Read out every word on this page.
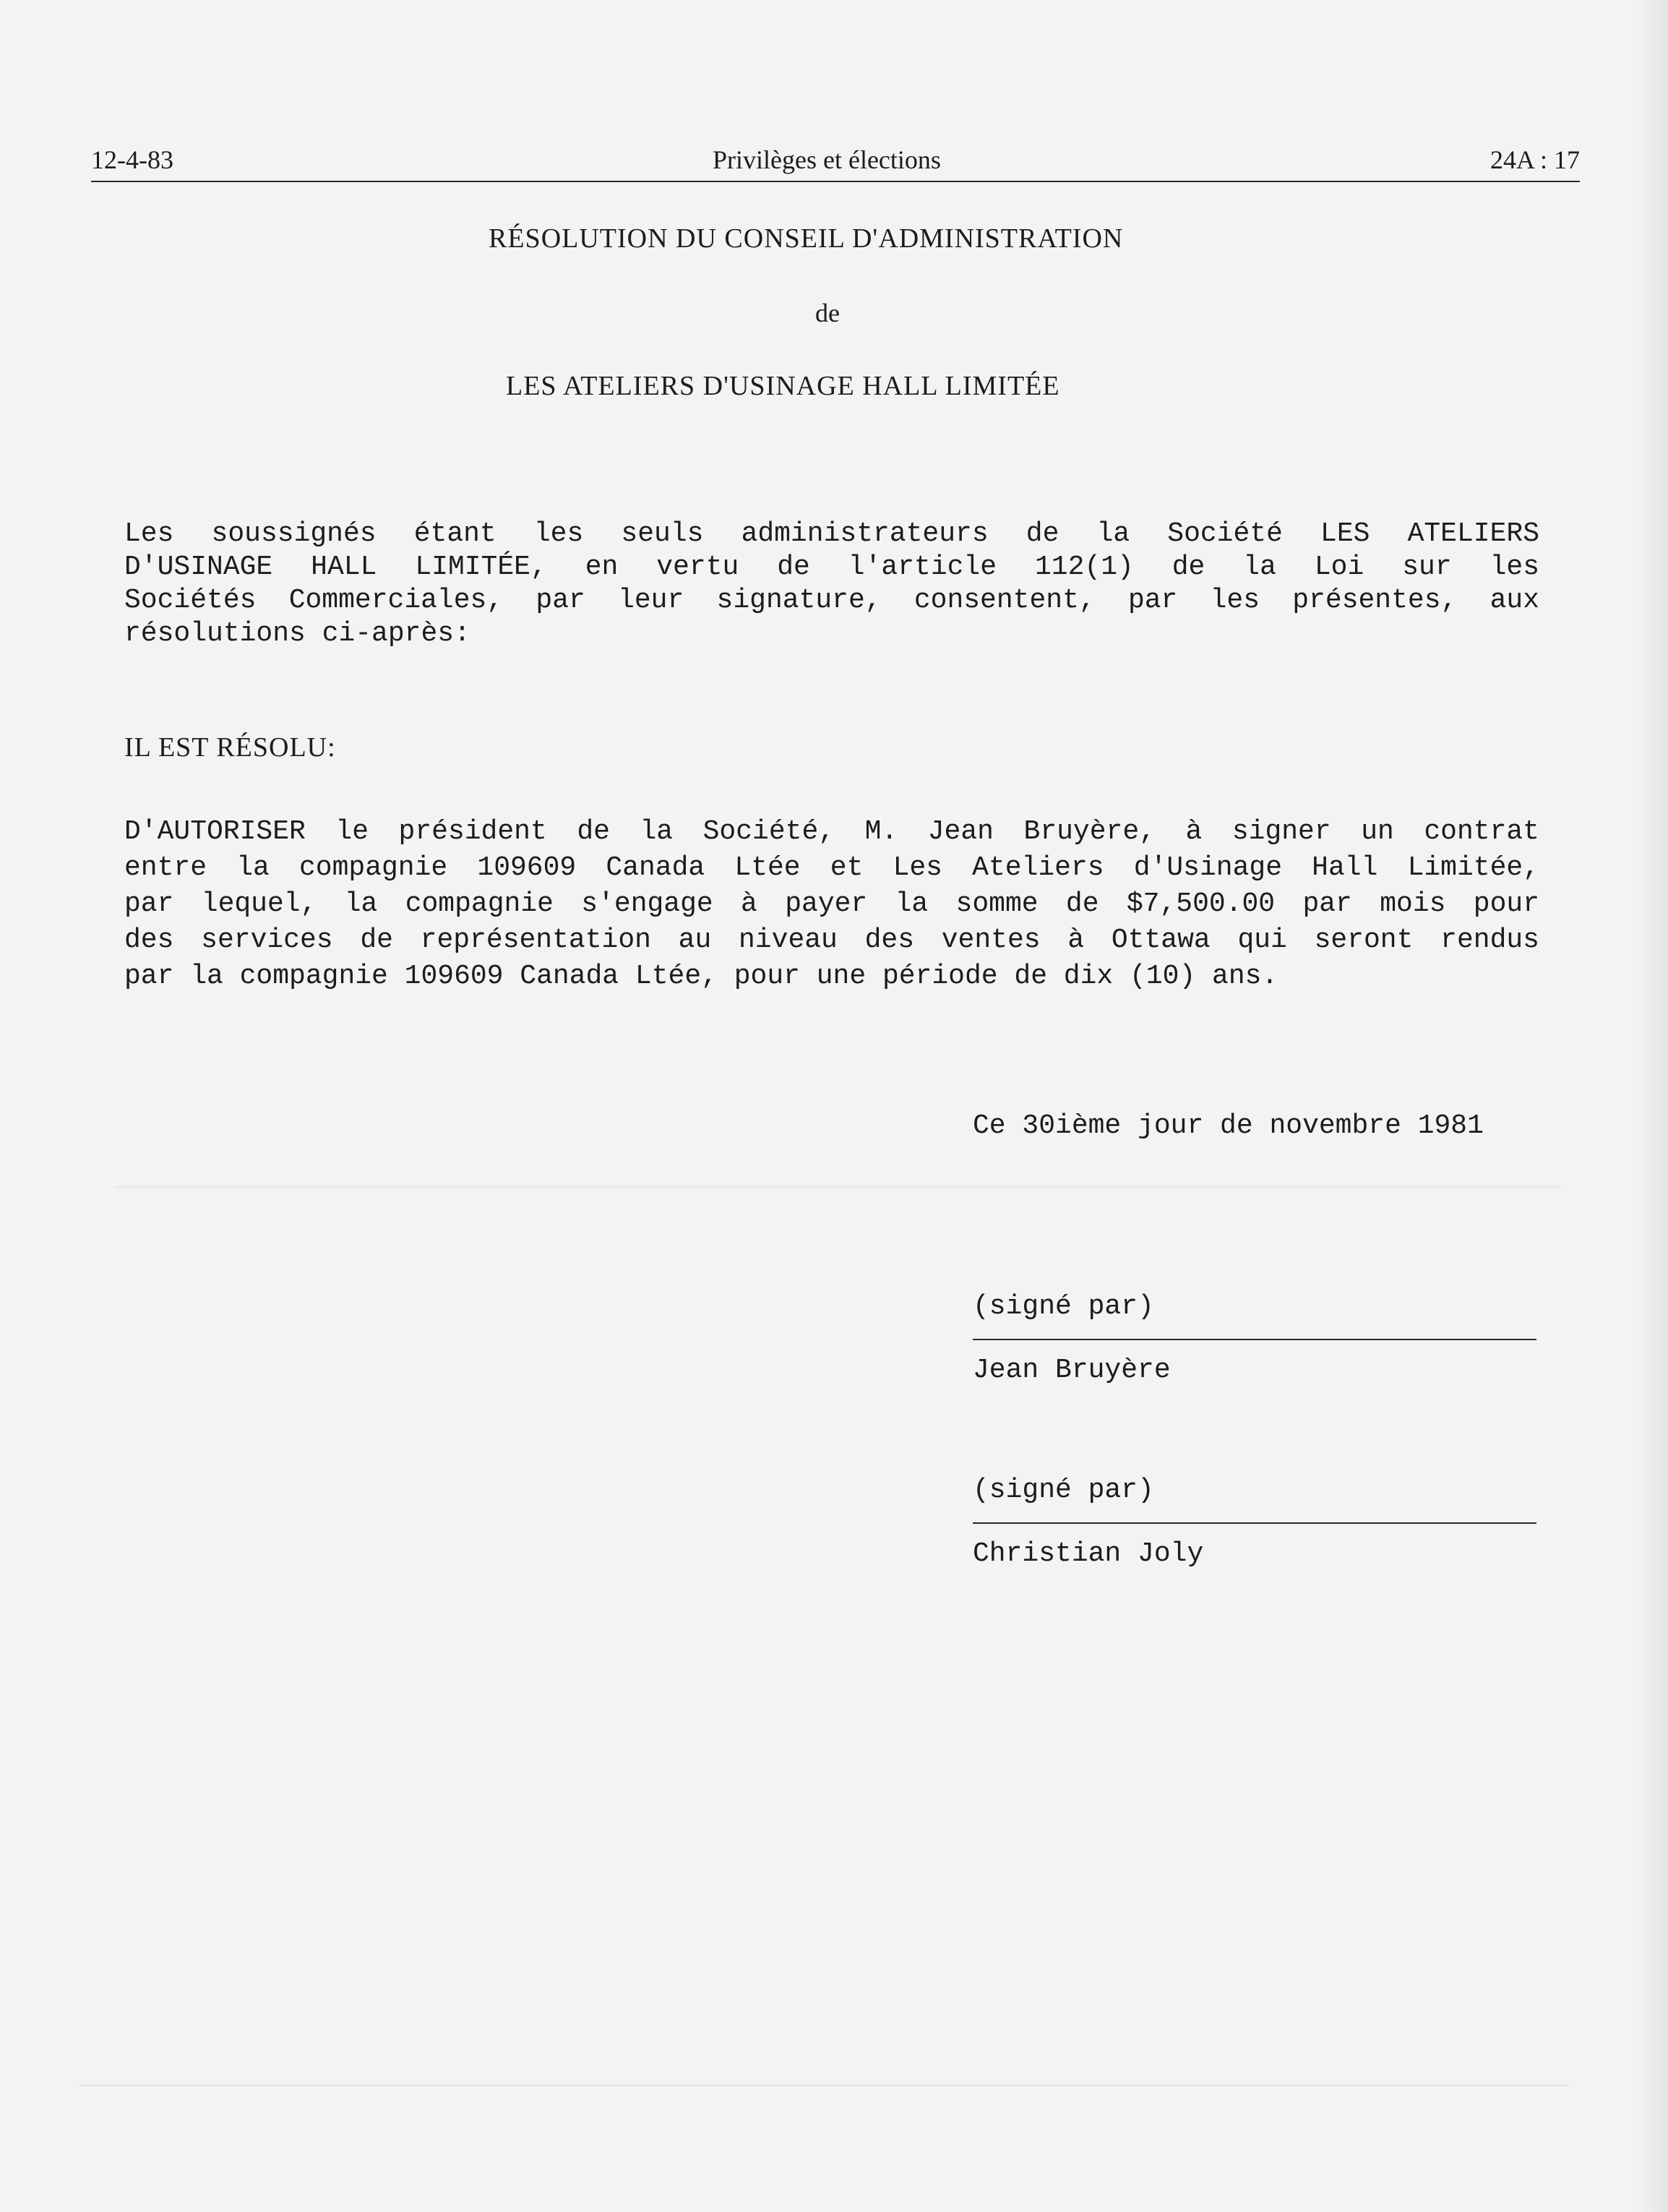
12-4-83	Privilèges et élections	24A : 17
RÉSOLUTION DU CONSEIL D'ADMINISTRATION
de
LES ATELIERS D'USINAGE HALL LIMITÉE
Les soussignés étant les seuls administrateurs de la Société LES ATELIERS
D'USINAGE HALL LIMITÉE, en vertu de l'article 112(1) de la Loi sur les
Sociétés Commerciales, par leur signature, consentent, par les présentes, aux
résolutions ci-après:
IL EST RÉSOLU:
D'AUTORISER le président de la Société, M. Jean Bruyère, à signer un contrat
entre la compagnie 109609 Canada Ltée et Les Ateliers d'Usinage Hall Limitée,
par lequel, la compagnie s'engage à payer la somme de $7,500.00 par mois pour
des services de représentation au niveau des ventes à Ottawa qui seront rendus
par la compagnie 109609 Canada Ltée, pour une période de dix (10) ans.
Ce 30ième jour de novembre 1981
(signé par)
Jean Bruyère
(signé par)
Christian Joly
